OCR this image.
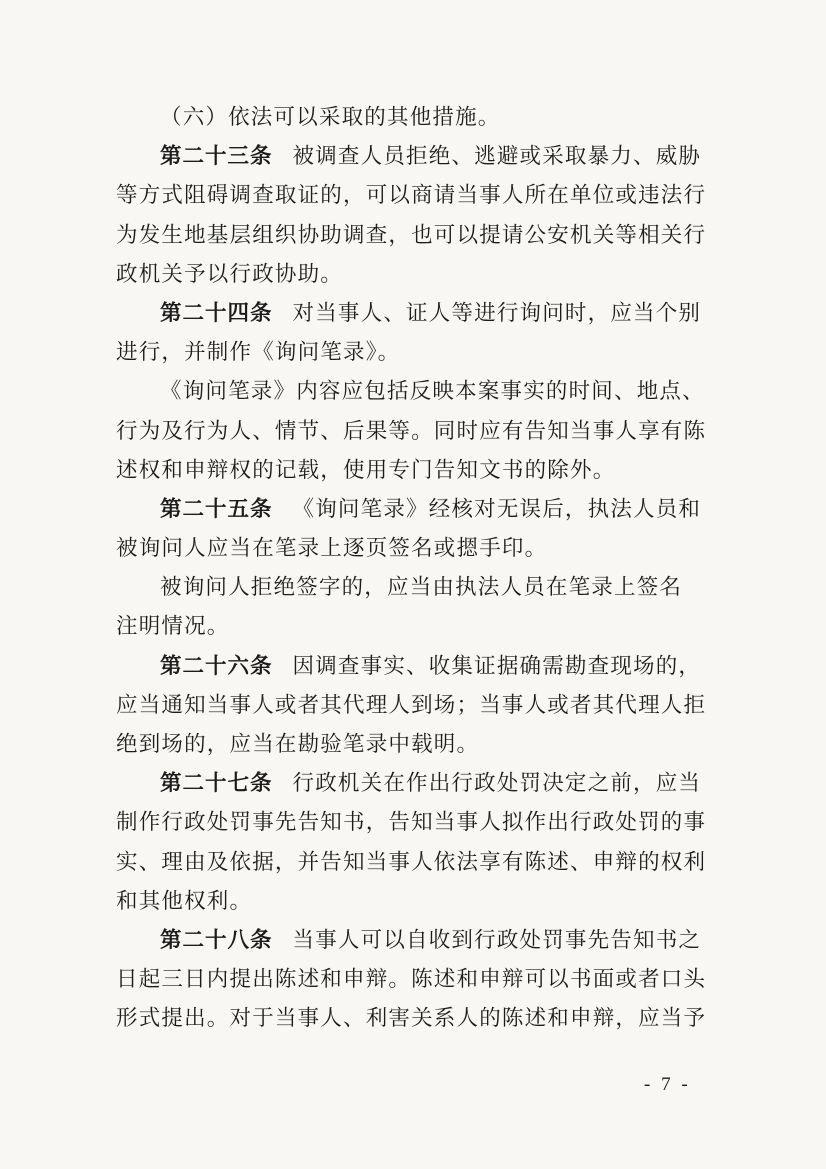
（六）依法可以采取的其他措施。
第二十三条 被调查人员拒绝、逃避或采取暴力、威胁
等方式阻碍调查取证的，可以商请当事人所在单位或违法行
为发生地基层组织协助调查，也可以提请公安机关等相关行
政机关予以行政协助。
第二十四条 对当事人、证人等进行询问时，应当个别
进行，并制作《询问笔录》。
《询问笔录》内容应包括反映本案事实的时间、地点、
行为及行为人、情节、后果等。同时应有告知当事人享有陈
述权和申辩权的记载，使用专门告知文书的除外。
第二十五条 《询问笔录》经核对无误后，执法人员和
被询问人应当在笔录上逐页签名或摁手印。
被询问人拒绝签字的，应当由执法人员在笔录上签名
注明情况。
第二十六条 因调查事实、收集证据确需勘查现场的，
应当通知当事人或者其代理人到场；当事人或者其代理人拒
绝到场的，应当在勘验笔录中载明。
第二十七条 行政机关在作出行政处罚决定之前，应当
制作行政处罚事先告知书，告知当事人拟作出行政处罚的事
实、理由及依据，并告知当事人依法享有陈述、申辩的权利
和其他权利。
第二十八条 当事人可以自收到行政处罚事先告知书之
日起三日内提出陈述和申辩。陈述和申辩可以书面或者口头
形式提出。对于当事人、利害关系人的陈述和申辩，应当予
- 7 -
